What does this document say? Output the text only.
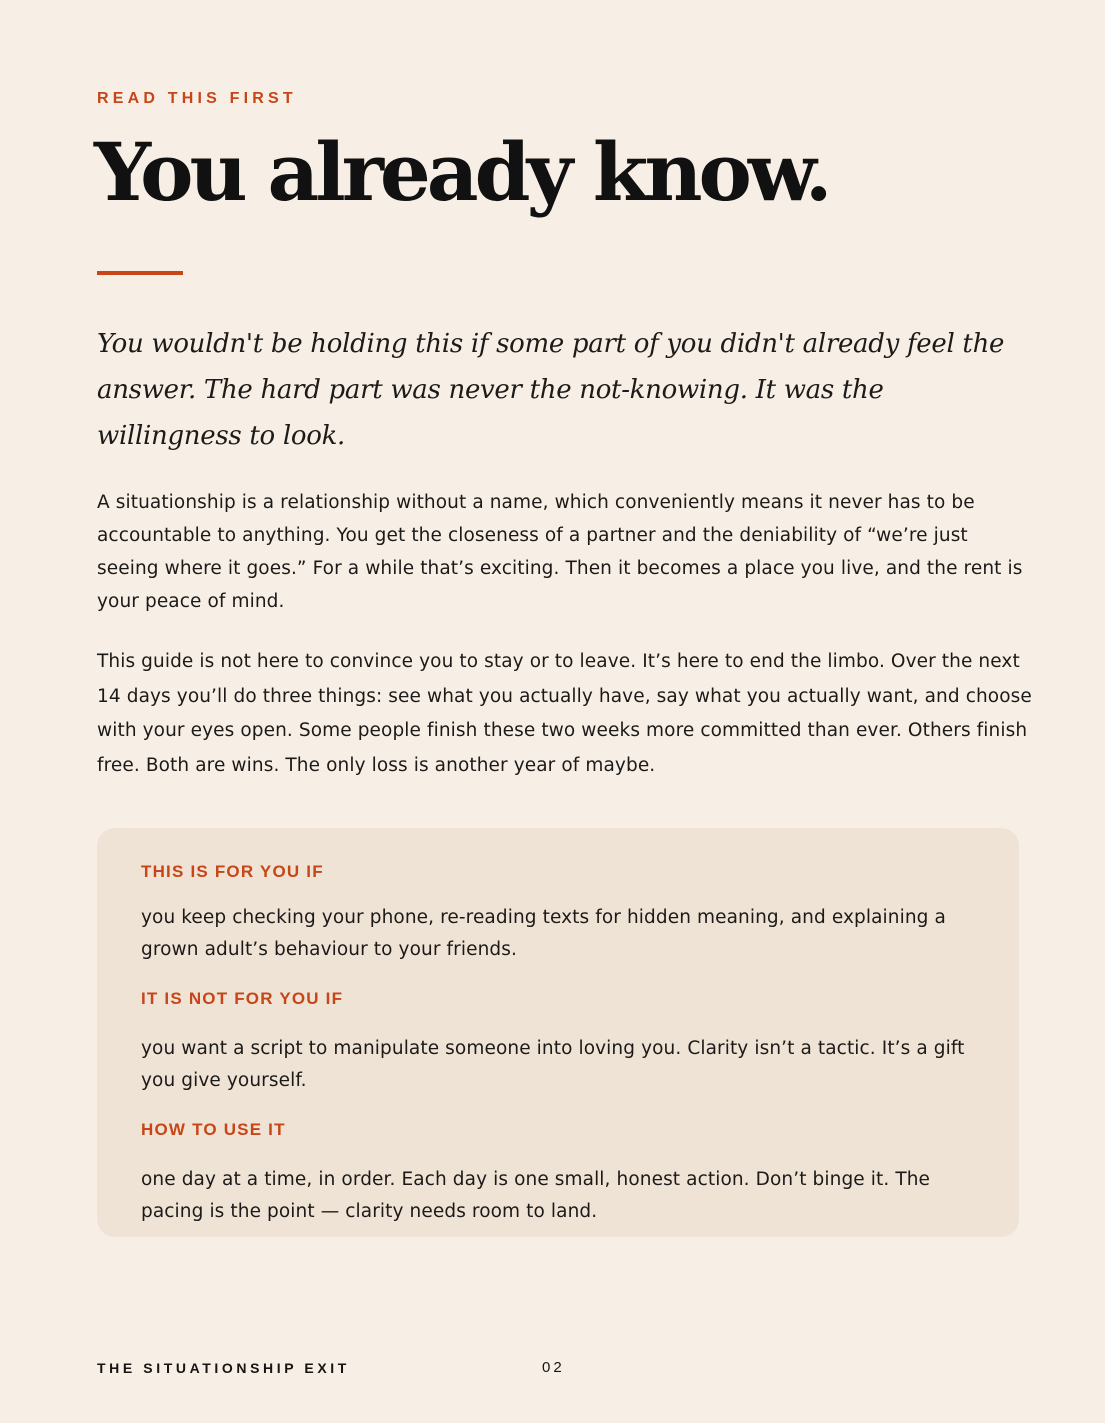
READ THIS FIRST
You already know.

You wouldn't be holding this if some part of you didn't already feel the answer. The hard part was never the not-knowing. It was the willingness to look.

A situationship is a relationship without a name, which conveniently means it never has to be accountable to anything. You get the closeness of a partner and the deniability of “we’re just seeing where it goes.” For a while that’s exciting. Then it becomes a place you live, and the rent is your peace of mind.

This guide is not here to convince you to stay or to leave. It’s here to end the limbo. Over the next 14 days you’ll do three things: see what you actually have, say what you actually want, and choose with your eyes open. Some people finish these two weeks more committed than ever. Others finish free. Both are wins. The only loss is another year of maybe.

THIS IS FOR YOU IF

you keep checking your phone, re-reading texts for hidden meaning, and explaining a grown adult’s behaviour to your friends.

IT IS NOT FOR YOU IF

you want a script to manipulate someone into loving you. Clarity isn’t a tactic. It’s a gift you give yourself.

HOW TO USE IT

one day at a time, in order. Each day is one small, honest action. Don’t binge it. The pacing is the point — clarity needs room to land.

THE SITUATIONSHIP EXIT	02
